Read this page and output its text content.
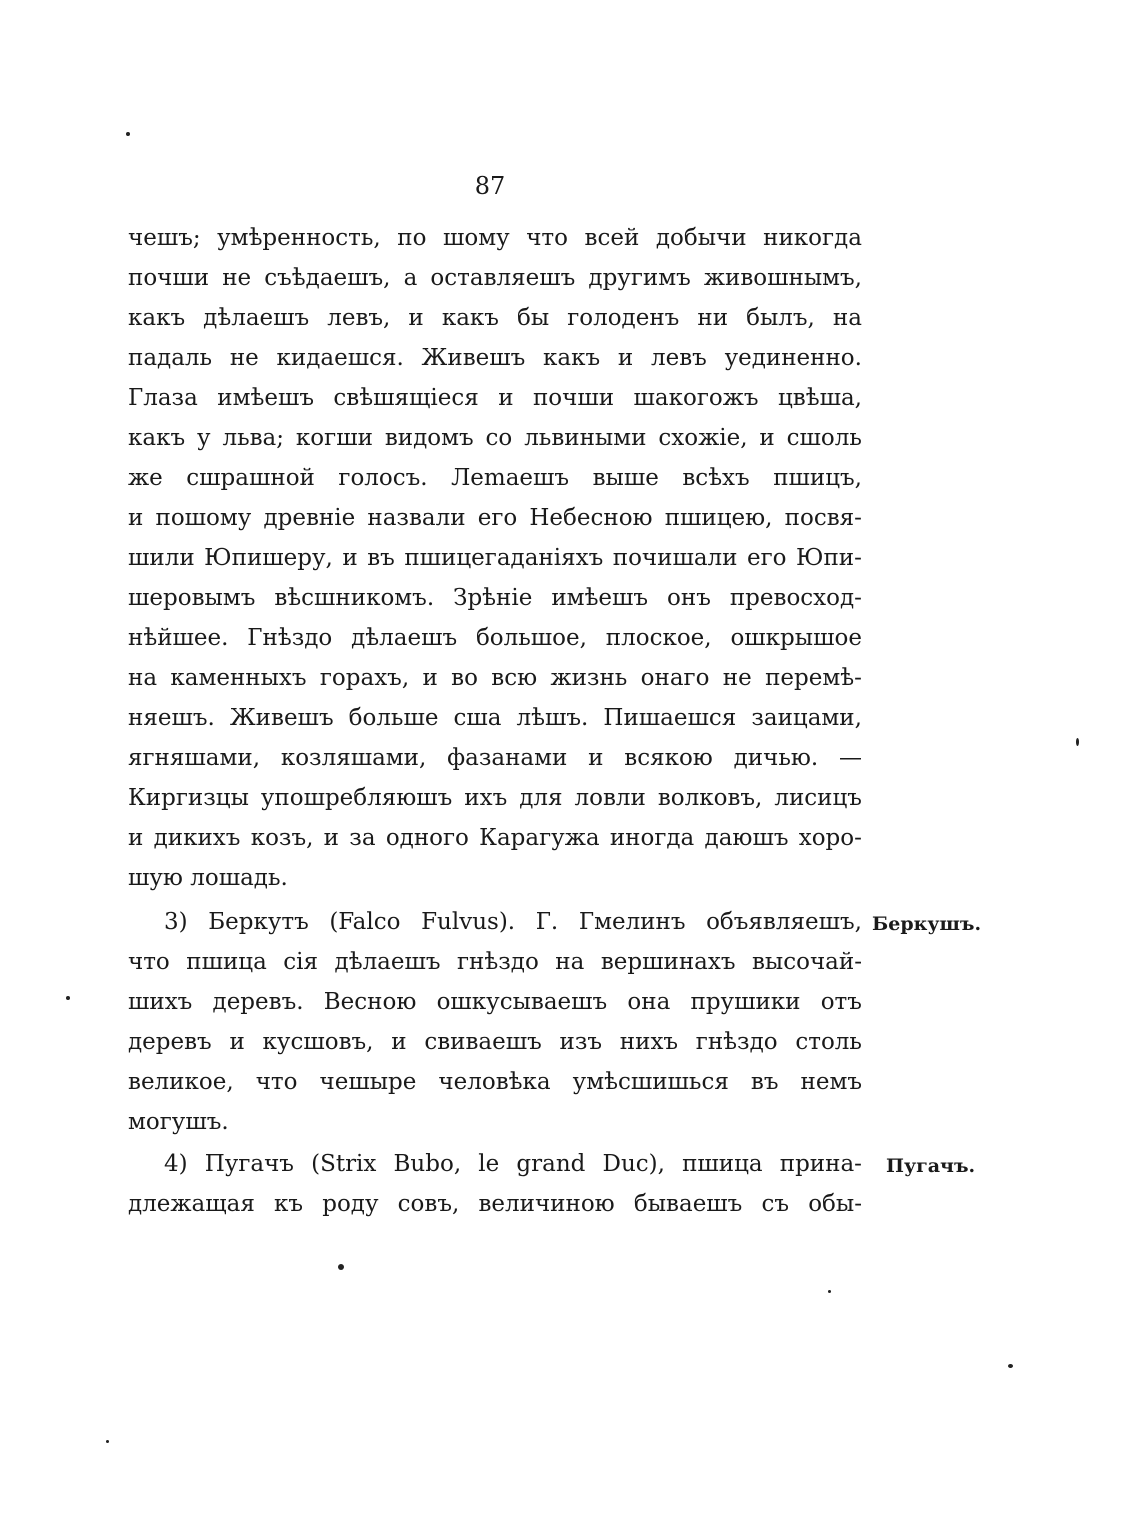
87
чешъ; умѣренность, по шому что всей добычи никогда
почши не съѣдаешъ, а оставляешъ другимъ живошнымъ,
какъ дѣлаешъ левъ, и какъ бы голоденъ ни былъ, на
падаль не кидаешся. Живешъ какъ и левъ уединенно.
Глаза имѣешъ свѣшящіеся и почши шакогожъ цвѣша,
какъ у льва; когши видомъ со львиными схожіе, и сшоль
же сшрашной голосъ. Леmаешъ выше всѣхъ пшицъ,
и пошому древніе назвали его Небесною пшицею, посвя-
шили Юпишеру, и въ пшицегаданіяхъ почишали его Юпи-
шеровымъ вѣсшникомъ. Зрѣніе имѣешъ онъ превосход-
нѣйшее. Гнѣздо дѣлаешъ большое, плоское, ошкрышое
на каменныхъ горахъ, и во всю жизнь онаго не перемѣ-
няешъ. Живешъ больше сша лѣшъ. Пишаешся заицами,
ягняшами, козляшами, фазанами и всякою дичью. —
Киргизцы упошребляюшъ ихъ для ловли волковъ, лисицъ
и дикихъ козъ, и за одного Карагужа иногда даюшъ хоро-
шую лошадь.
Беркушъ.
3) Беркутъ (Falco Fulvus). Г. Гмелинъ объявляешъ,
что пшица сія дѣлаешъ гнѣздо на вершинахъ высочай-
шихъ деревъ. Весною ошкусываешъ она прушики отъ
деревъ и кусшовъ, и свиваешъ изъ нихъ гнѣздо столь
великое, что чешыре человѣка умѣсшишься въ немъ
могушъ.
Пугачъ.
4) Пугачъ (Strix Bubo, le grand Duc), пшица прина-
длежащая къ роду совъ, величиною бываешъ съ обы-
